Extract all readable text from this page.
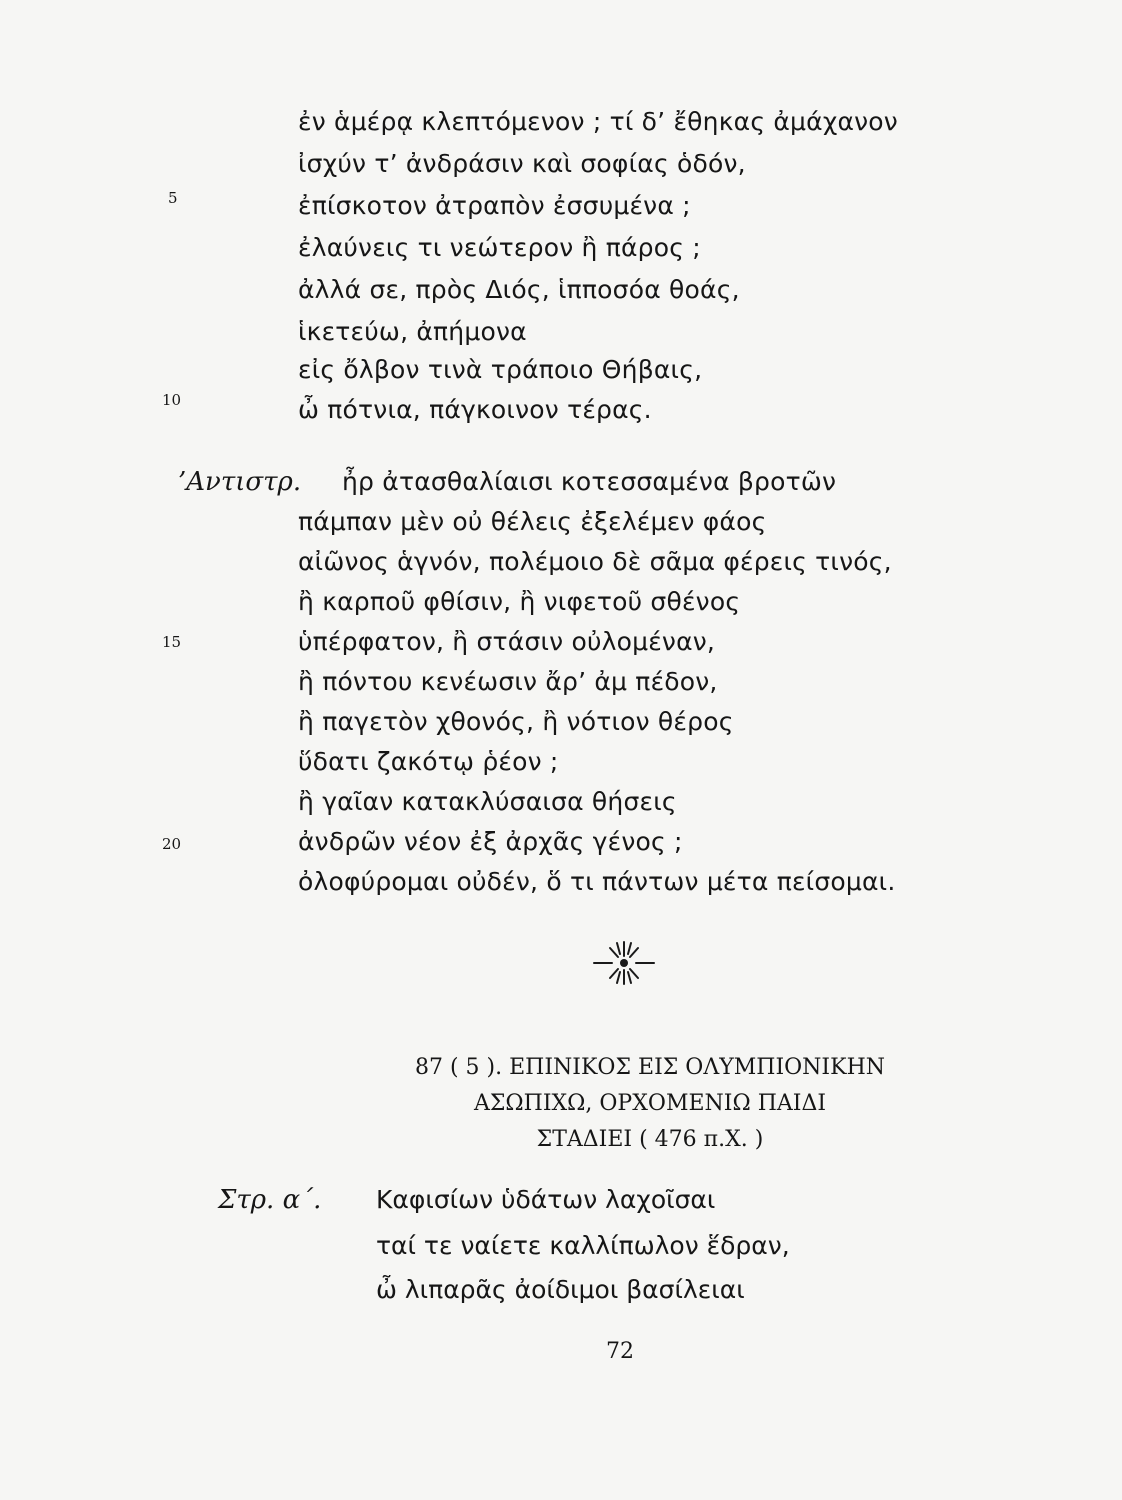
ἐν ἁμέρᾳ κλεπτόμενον ; τί δ’ ἔθηκας ἀμάχανον
ἰσχύν τ’ ἀνδράσιν καὶ σοφίας ὁδόν,
ἐπίσκοτον ἀτραπὸν ἐσσυμένα ;
ἐλαύνεις τι νεώτερον ἢ πάρος ;
ἀλλά σε, πρὸς Διός, ἱπποσόα θοάς,
ἱκετεύω, ἀπήμονα
εἰς ὄλβον τινὰ τράποιο Θήβαις,
ὦ πότνια, πάγκοινον τέρας.
’Αντιστρ. ἦρ ἀτασθαλίαισι κοτεσσαμένα βροτῶν
πάμπαν μὲν οὐ θέλεις ἐξελέμεν φάος
αἰῶνος ἁγνόν, πολέμοιο δὲ σᾶμα φέρεις τινός,
ἢ καρποῦ φθίσιν, ἢ νιφετοῦ σθένος
ὑπέρφατον, ἢ στάσιν οὐλομέναν,
ἢ πόντου κενέωσιν ἄρ’ ἀμ πέδον,
ἢ παγετὸν χθονός, ἢ νότιον θέρος
ὕδατι ζακότῳ ῥέον ;
ἢ γαῖαν κατακλύσαισα θήσεις
ἀνδρῶν νέον ἐξ ἀρχᾶς γένος ;
ὀλοφύρομαι οὐδέν, ὅ τι πάντων μέτα πείσομαι.
5
10
15
20
87 ( 5 ). ΕΠΙΝΙΚΟΣ ΕΙΣ ΟΛΥΜΠΙΟΝΙΚΗΝ
ΑΣΩΠΙΧΩ, ΟΡΧΟΜΕΝΙΩ ΠΑΙΔΙ
ΣΤΑΔΙΕΙ ( 476 π.Χ. )
Στρ. α΄. Καφισίων ὑδάτων λαχοῖσαι
ταί τε ναίετε καλλίπωλον ἕδραν,
ὦ λιπαρᾶς ἀοίδιμοι βασίλειαι
72
